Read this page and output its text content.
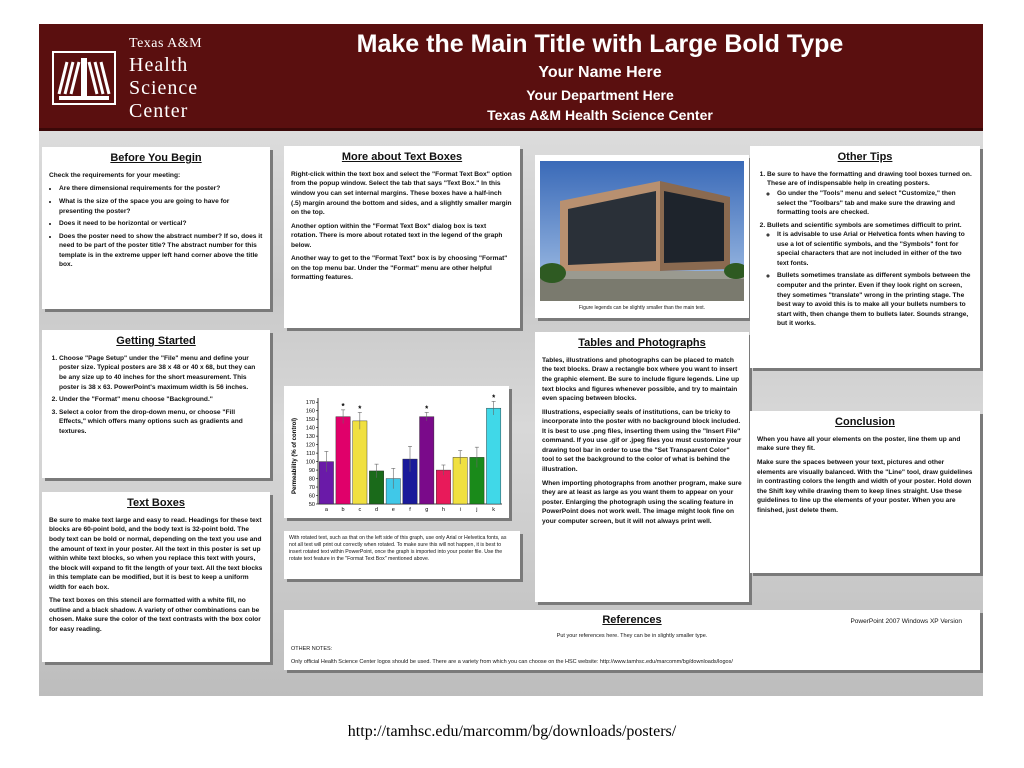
Texas A&M
Health
Science
Center
Make the Main Title with Large Bold Type
Your Name Here
Your Department Here
Texas A&M Health Science Center
Before You Begin

Check the requirements for your meeting:

• Are there dimensional requirements for the poster?
• What is the size of the space you are going to have for presenting the poster?
• Does it need to be horizontal or vertical?
• Does the poster need to show the abstract number? If so, does it need to be part of the poster title? The abstract number for this template is in the extreme upper left hand corner above the title box.
Getting Started
1. Choose "Page Setup" under the "File" menu and define your poster size. Typical posters are 38 x 48 or 40 x 68, but they can be any size up to 40 inches for the short measurement. This poster is 38 x 63. PowerPoint's maximum width is 56 inches.
2. Under the "Format" menu choose "Background."
3. Select a color from the drop-down menu, or choose "Fill Effects," which offers many options such as gradients and textures.
Text Boxes

Be sure to make text large and easy to read. Headings for these text blocks are 60-point bold, and the body text is 32-point bold. The body text can be bold or normal, depending on the text you use and the amount of text in your poster. All the text in this poster is set up within white text blocks, so when you replace this text with yours, the block will expand to fit the length of your text. All the text blocks in this template can be modified, but it is best to keep a uniform width for each box.

The text boxes on this stencil are formatted with a white fill, no outline and a black shadow. A variety of other combinations can be chosen. Make sure the color of the text contrasts with the box color for easy reading.

More about Text Boxes

Right-click within the text box and select the "Format Text Box" option from the popup window. Select the tab that says "Text Box." In this window you can set internal margins. These boxes have a half-inch (.5) margin around the bottom and sides, and a slightly smaller margin on the top.

Another option within the "Format Text Box" dialog box is text rotation. There is more about rotated text in the legend of the graph below.

Another way to get to the "Format Text" box is by choosing "Format" on the top menu bar. Under the "Format" menu are other helpful formatting features.

Figure legends can be slightly smaller than the main text.
Permeability (% of control)
50
60
70
80
90
100
110
120
130
140
150
160
170
a
*
b
*
c	d e	f
*
g h	i	j
*
k
With rotated text, such as that on the left side of this graph, use only Arial or Helvetica fonts, as not all text will print out correctly when rotated. To make sure this will not happen, it is best to insert rotated text within PowerPoint, once the graph is imported into your poster file. Use the rotate text feature in the "Format Text Box" mentioned above.
Tables and Photographs

Tables, illustrations and photographs can be placed to match the text blocks. Draw a rectangle box where you want to insert the graphic element. Be sure to include figure legends. Line up text blocks and figures whenever possible, and try to maintain even spacing between blocks.

Illustrations, especially seals of institutions, can be tricky to incorporate into the poster with no background block included. It is best to use .png files, inserting them using the "Insert File" command. If you use .gif or .jpeg files you must customize your drawing tool bar in order to use the "Set Transparent Color" tool to set the background to the color of what is behind the illustration.

When importing photographs from another program, make sure they are at least as large as you want them to appear on your poster. Enlarging the photograph using the scaling feature in PowerPoint does not work well. The image might look fine on your computer screen, but it will not always print well.

Other Tips
1. Be sure to have the formatting and drawing tool boxes turned on. These are of indispensable help in creating posters.
◦ Go under the "Tools" menu and select "Customize," then select the "Toolbars" tab and make sure the drawing and formatting tools are checked.
2. Bullets and scientific symbols are sometimes difficult to print.
◦ It is advisable to use Arial or Helvetica fonts when having to use a lot of scientific symbols, and the "Symbols" font for special characters that are not included in either of the two text fonts.
◦ Bullets sometimes translate as different symbols between the computer and the printer. Even if they look right on screen, they sometimes "translate" wrong in the printing stage. The best way to avoid this is to make all your bullets numbers to start with, then change them to bullets later. Sounds strange, but it works.
Conclusion

When you have all your elements on the poster, line them up and make sure they fit.

Make sure the spaces between your text, pictures and other elements are visually balanced. With the "Line" tool, draw guidelines in contrasting colors the length and width of your poster. Hold down the Shift key while drawing them to keep lines straight. Use these guidelines to line up the elements of your poster. When you are finished, just delete them.

References	PowerPoint 2007 Windows XP Version
Put your references here. They can be in slightly smaller type.
OTHER NOTES:
Only official Health Science Center logos should be used. There are a variety from which you can choose on the HSC website: http://www.tamhsc.edu/marcomm/bg/downloads/logos/
http://tamhsc.edu/marcomm/bg/downloads/posters/
